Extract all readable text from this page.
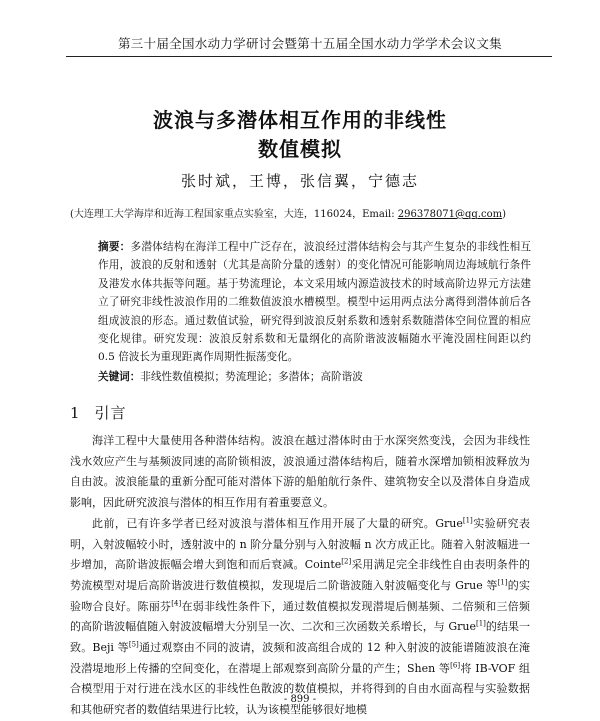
第三十届全国水动力学研讨会暨第十五届全国水动力学学术会议文集
波浪与多潜体相互作用的非线性
数值模拟
张时斌，王博，张信翼，宁德志
(大连理工大学海岸和近海工程国家重点实验室，大连，116024，Email: 296378071@qq.com)
摘要：多潜体结构在海洋工程中广泛存在，波浪经过潜体结构会与其产生复杂的非线性相互作用，波浪的反射和透射（尤其是高阶分量的透射）的变化情况可能影响周边海域航行条件及港发水体共振等问题。基于势流理论，本文采用域内源造波技术的时域高阶边界元方法建立了研究非线性波浪作用的二维数值波浪水槽模型。模型中运用两点法分离得到潜体前后各组成波浪的形态。通过数值试验，研究得到波浪反射系数和透射系数随潜体空间位置的相应变化规律。研究发现：波浪反射系数和无量纲化的高阶谐波波幅随水平淹没固柱间距以约 0.5 倍波长为重现距离作周期性振荡变化。
关键词：非线性数值模拟；势流理论；多潜体；高阶谐波
1 引言

海洋工程中大量使用各种潜体结构。波浪在越过潜体时由于水深突然变浅，会因为非线性浅水效应产生与基频波同速的高阶锁相波，波浪通过潜体结构后，随着水深增加锁相波释放为自由波。波浪能量的重新分配可能对潜体下游的船舶航行条件、建筑物安全以及潜体自身造成影响，因此研究波浪与潜体的相互作用有着重要意义。

此前，已有许多学者已经对波浪与潜体相互作用开展了大量的研究。Grue[1]实验研究表明，入射波幅较小时，透射波中的 n 阶分量分别与入射波幅 n 次方成正比。随着入射波幅进一步增加，高阶谐波振幅会增大到饱和而后衰减。Cointe[2]采用满足完全非线性自由表明条件的势流模型对堤后高阶谐波进行数值模拟，发现堤后二阶谐波随入射波幅变化与 Grue 等[1]的实验吻合良好。陈丽芬[4]在弱非线性条件下，通过数值模拟发现潜堤后侧基频、二倍频和三倍频的高阶谐波幅值随入射波波幅增大分别呈一次、二次和三次函数关系增长，与 Grue[1]的结果一致。Beji 等[5]通过观察由不同的波请，波频和波高组合成的 12 种入射波的波能谱随波浪在淹没潜堤地形上传播的空间变化，在潜堤上部观察到高阶分量的产生；Shen 等[6]将 IB-VOF 组合模型用于对行进在浅水区的非线性色散波的数值模拟，并将得到的自由水面高程与实验数据和其他研究者的数值结果进行比较，认为该模型能够很好地模

- 899 -
